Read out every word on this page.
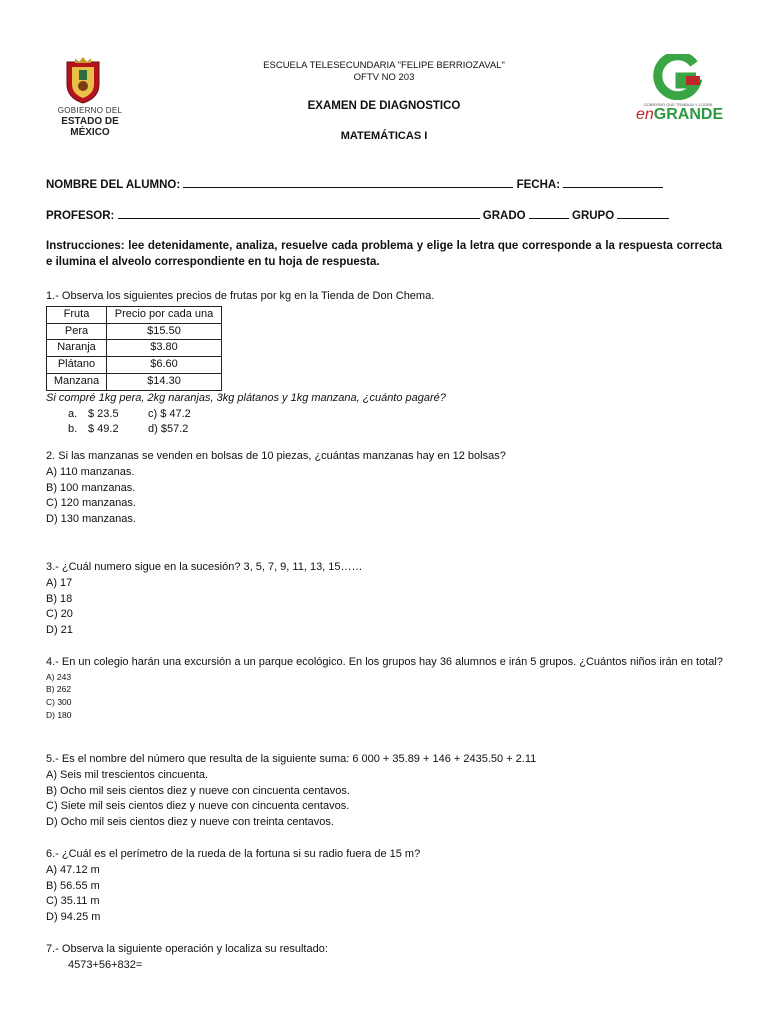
GOBIERNO DEL
ESTADO DE MÉXICO
GOBIERNO QUE TRABAJA Y LOGRA
enGRANDE
ESCUELA TELESECUNDARIA "FELIPE BERRIOZAVAL"
OFTV NO 203
EXAMEN DE DIAGNOSTICO
MATEMÁTICAS I
NOMBRE DEL ALUMNO:	FECHA:
PROFESOR:	GRADO	GRUPO
Instrucciones: lee detenidamente, analiza, resuelve cada problema y elige la letra que corresponde a la respuesta correcta e ilumina el alveolo correspondiente en tu hoja de respuesta.
1.- Observa los siguientes precios de frutas por kg en la Tienda de Don Chema.
Fruta	Precio por cada una
Pera	$15.50
Naranja	$3.80
Plátano	$6.60
Manzana	$14.30
Si compré 1kg pera, 2kg naranjas, 3kg plátanos y 1kg manzana, ¿cuánto pagaré?
a. $ 23.5	c) $ 47.2
b. $ 49.2	d) $57.2
2. Si las manzanas se venden en bolsas de 10 piezas, ¿cuántas manzanas hay en 12 bolsas?
A) 110 manzanas.
B) 100 manzanas.
C) 120 manzanas.
D) 130 manzanas.
3.- ¿Cuál numero sigue en la sucesión? 3, 5, 7, 9, 11, 13, 15……
A) 17
B) 18
C) 20
D) 21
4.- En un colegio harán una excursión a un parque ecológico. En los grupos hay 36 alumnos e irán 5 grupos. ¿Cuántos niños irán en total?
A) 243
B) 262
C) 300
D) 180
5.- Es el nombre del número que resulta de la siguiente suma: 6 000 + 35.89 + 146 + 2435.50 + 2.11
A) Seis mil trescientos cincuenta.
B) Ocho mil seis cientos diez y nueve con cincuenta centavos.
C) Siete mil seis cientos diez y nueve con cincuenta centavos.
D) Ocho mil seis cientos diez y nueve con treinta centavos.
6.- ¿Cuál es el perímetro de la rueda de la fortuna si su radio fuera de 15 m?
A) 47.12 m
B) 56.55 m
C) 35.11 m
D) 94.25 m
7.- Observa la siguiente operación y localiza su resultado:
4573+56+832=
